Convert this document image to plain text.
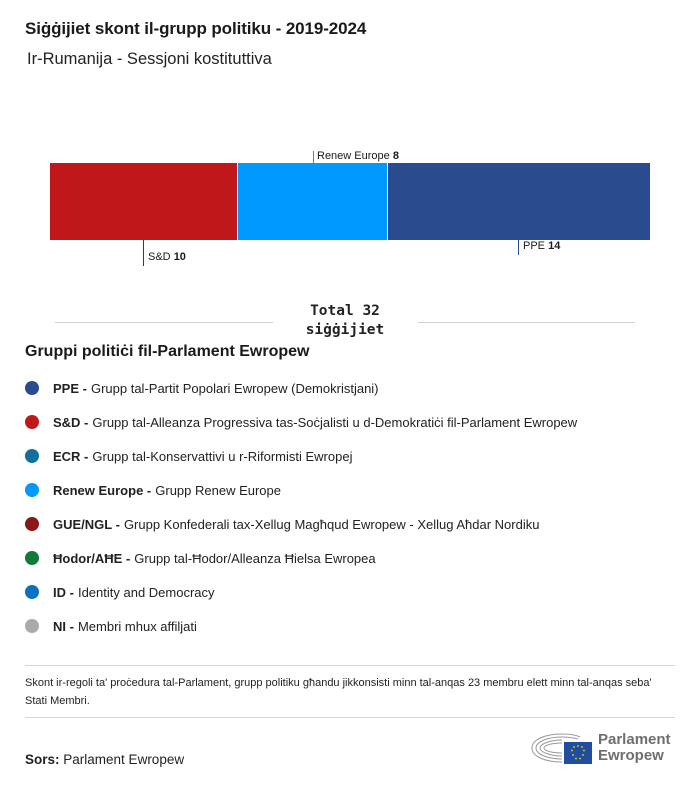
Siġġijiet skont il-grupp politiku - 2019-2024
Ir-Rumanija - Sessjoni kostituttiva
Renew Europe 8
S&D 10
PPE 14
Total 32
siġġijiet
Gruppi politiċi fil-Parlament Ewropew
PPE - Grupp tal-Partit Popolari Ewropew (Demokristjani)
S&D - Grupp tal-Alleanza Progressiva tas-Soċjalisti u d-Demokratiċi fil-Parlament Ewropew
ECR - Grupp tal-Konservattivi u r-Riformisti Ewropej
Renew Europe - Grupp Renew Europe
GUE/NGL - Grupp Konfederali tax-Xellug Magħqud Ewropew - Xellug Aħdar Nordiku
Ħodor/AĦE - Grupp tal-Ħodor/Alleanza Ħielsa Ewropea
ID - Identity and Democracy
NI - Membri mhux affiljati
Skont ir-regoli ta' proċedura tal-Parlament, grupp politiku għandu jikkonsisti minn tal-anqas 23 membru elett minn tal-anqas seba' Stati Membri.
Sors: Parlament Ewropew
Parlament
Ewropew
